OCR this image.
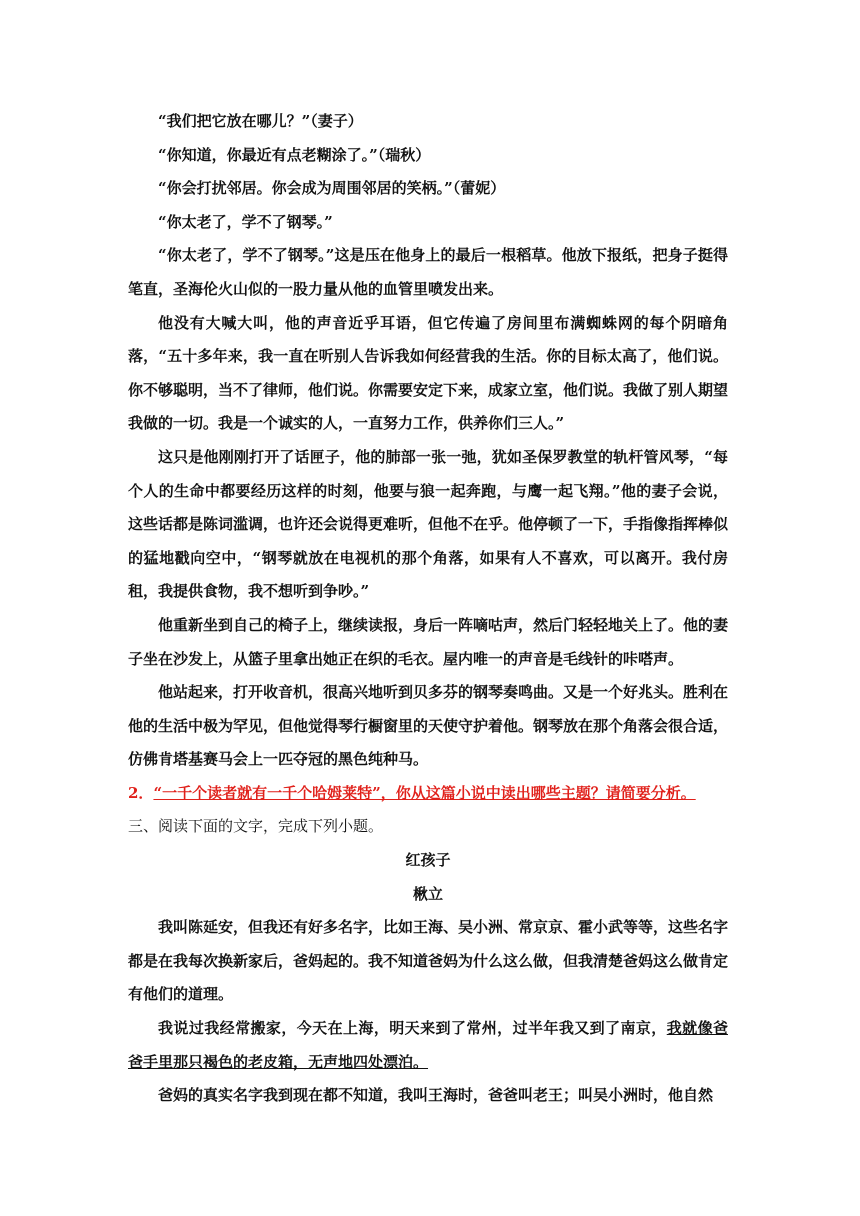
“我们把它放在哪儿？”（妻子）

“你知道，你最近有点老糊涂了。”（瑞秋）

“你会打扰邻居。你会成为周围邻居的笑柄。”（蕾妮）

“你太老了，学不了钢琴。”

“你太老了，学不了钢琴。”这是压在他身上的最后一根稻草。他放下报纸，把身子挺得笔直，圣海伦火山似的一股力量从他的血管里喷发出来。

他没有大喊大叫，他的声音近乎耳语，但它传遍了房间里布满蜘蛛网的每个阴暗角落，“五十多年来，我一直在听别人告诉我如何经营我的生活。你的目标太高了，他们说。你不够聪明，当不了律师，他们说。你需要安定下来，成家立室，他们说。我做了别人期望我做的一切。我是一个诚实的人，一直努力工作，供养你们三人。”

这只是他刚刚打开了话匣子，他的肺部一张一弛，犹如圣保罗教堂的轨杆管风琴，“每个人的生命中都要经历这样的时刻，他要与狼一起奔跑，与鹰一起飞翔。”他的妻子会说，这些话都是陈词滥调，也许还会说得更难听，但他不在乎。他停顿了一下，手指像指挥棒似的猛地戳向空中，“钢琴就放在电视机的那个角落，如果有人不喜欢，可以离开。我付房租，我提供食物，我不想听到争吵。”

他重新坐到自己的椅子上，继续读报，身后一阵嘀咕声，然后门轻轻地关上了。他的妻子坐在沙发上，从篮子里拿出她正在织的毛衣。屋内唯一的声音是毛线针的咔嗒声。

他站起来，打开收音机，很高兴地听到贝多芬的钢琴奏鸣曲。又是一个好兆头。胜利在他的生活中极为罕见，但他觉得琴行橱窗里的天使守护着他。钢琴放在那个角落会很合适，仿佛肯塔基赛马会上一匹夺冠的黑色纯种马。

2．“一千个读者就有一千个哈姆莱特”，你从这篇小说中读出哪些主题？请简要分析。

三、阅读下面的文字，完成下列小题。

红孩子

楸立

我叫陈延安，但我还有好多名字，比如王海、吴小洲、常京京、霍小武等等，这些名字都是在我每次换新家后，爸妈起的。我不知道爸妈为什么这么做，但我清楚爸妈这么做肯定有他们的道理。

我说过我经常搬家，今天在上海，明天来到了常州，过半年我又到了南京，我就像爸爸手里那只褐色的老皮箱，无声地四处漂泊。

爸妈的真实名字我到现在都不知道，我叫王海时，爸爸叫老王；叫吴小洲时，他自然
